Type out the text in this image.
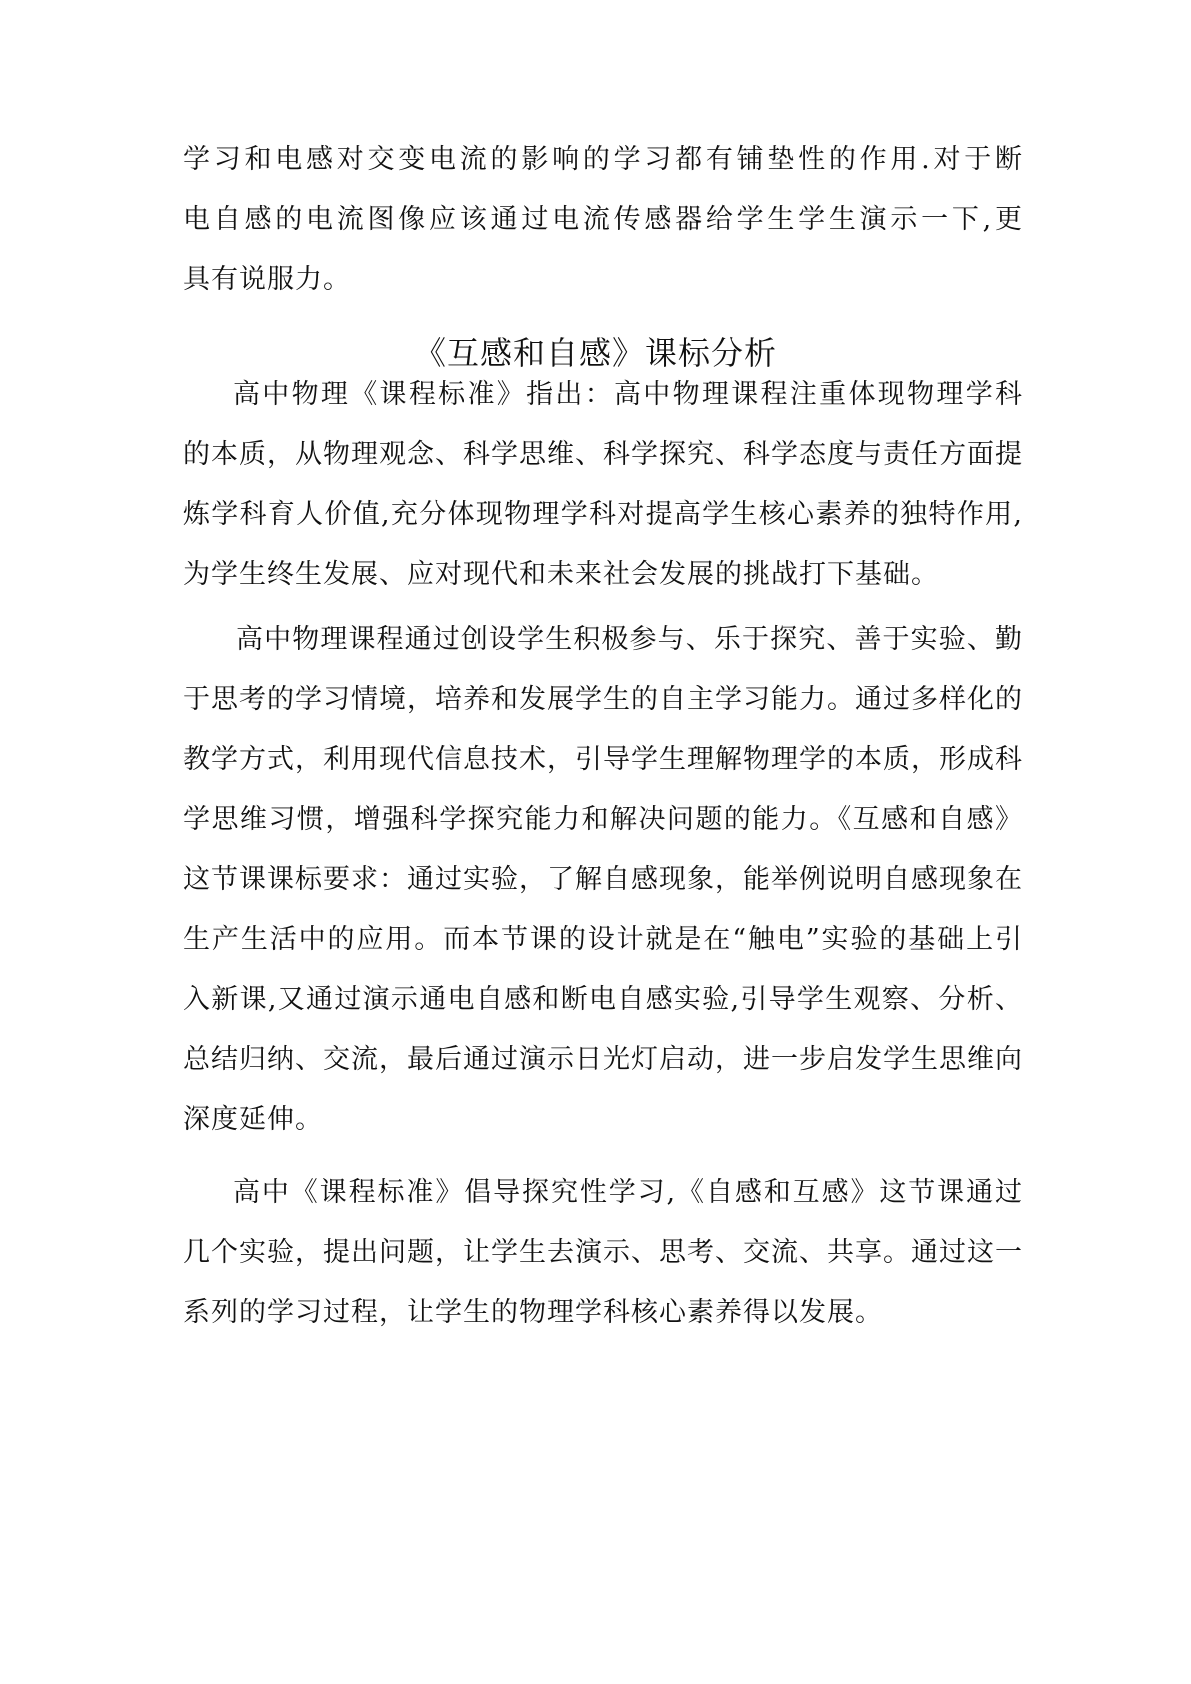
学习和电感对交变电流的影响的学习都有铺垫性的作用.对于断
电自感的电流图像应该通过电流传感器给学生学生演示一下,更
具有说服力。
《互感和自感》课标分析
高中物理《课程标准》指出：高中物理课程注重体现物理学科
的本质，从物理观念、科学思维、科学探究、科学态度与责任方面提
炼学科育人价值,充分体现物理学科对提高学生核心素养的独特作用,
为学生终生发展、应对现代和未来社会发展的挑战打下基础。
高中物理课程通过创设学生积极参与、乐于探究、善于实验、勤
于思考的学习情境，培养和发展学生的自主学习能力。通过多样化的
教学方式，利用现代信息技术，引导学生理解物理学的本质，形成科
学思维习惯，增强科学探究能力和解决问题的能力。《互感和自感》
这节课课标要求：通过实验，了解自感现象，能举例说明自感现象在
生产生活中的应用。而本节课的设计就是在“触电”实验的基础上引
入新课,又通过演示通电自感和断电自感实验,引导学生观察、分析、
总结归纳、交流，最后通过演示日光灯启动，进一步启发学生思维向
深度延伸。
高中《课程标准》倡导探究性学习,《自感和互感》这节课通过
几个实验，提出问题，让学生去演示、思考、交流、共享。通过这一
系列的学习过程，让学生的物理学科核心素养得以发展。
